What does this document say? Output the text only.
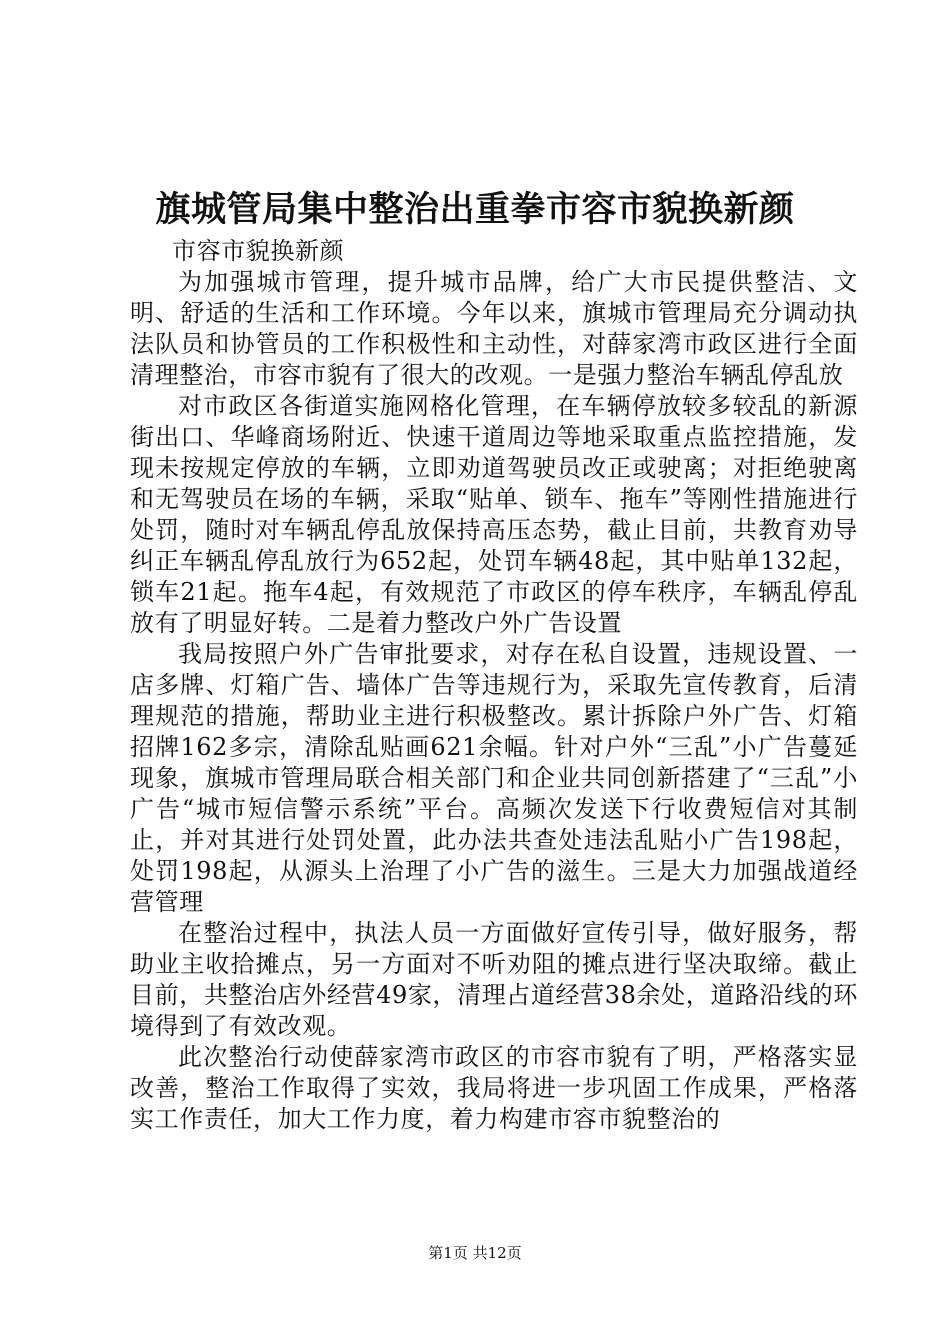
旗城管局集中整治出重拳市容市貌换新颜

市容市貌换新颜

为加强城市管理，提升城市品牌，给广大市民提供整洁、文明、舒适的生活和工作环境。今年以来，旗城市管理局充分调动执法队员和协管员的工作积极性和主动性，对薛家湾市政区进行全面清理整治，市容市貌有了很大的改观。一是强力整治车辆乱停乱放

对市政区各街道实施网格化管理，在车辆停放较多较乱的新源街出口、华峰商场附近、快速干道周边等地采取重点监控措施，发现未按规定停放的车辆，立即劝道驾驶员改正或驶离；对拒绝驶离和无驾驶员在场的车辆，采取“贴单、锁车、拖车”等刚性措施进行处罚，随时对车辆乱停乱放保持高压态势，截止目前，共教育劝导纠正车辆乱停乱放行为652起，处罚车辆48起，其中贴单132起，锁车21起。拖车4起，有效规范了市政区的停车秩序，车辆乱停乱放有了明显好转。二是着力整改户外广告设置

我局按照户外广告审批要求，对存在私自设置，违规设置、一店多牌、灯箱广告、墙体广告等违规行为，采取先宣传教育，后清理规范的措施，帮助业主进行积极整改。累计拆除户外广告、灯箱招牌162多宗，清除乱贴画621余幅。针对户外“三乱”小广告蔓延现象，旗城市管理局联合相关部门和企业共同创新搭建了“三乱”小广告“城市短信警示系统”平台。高频次发送下行收费短信对其制止，并对其进行处罚处置，此办法共查处违法乱贴小广告198起，处罚198起，从源头上治理了小广告的滋生。三是大力加强战道经营管理

在整治过程中，执法人员一方面做好宣传引导，做好服务，帮助业主收拾摊点，另一方面对不听劝阻的摊点进行坚决取缔。截止目前，共整治店外经营49家，清理占道经营38余处，道路沿线的环境得到了有效改观。

此次整治行动使薛家湾市政区的市容市貌有了明，严格落实显改善，整治工作取得了实效，我局将进一步巩固工作成果，严格落实工作责任，加大工作力度，着力构建市容市貌整治的

第1页 共12页
